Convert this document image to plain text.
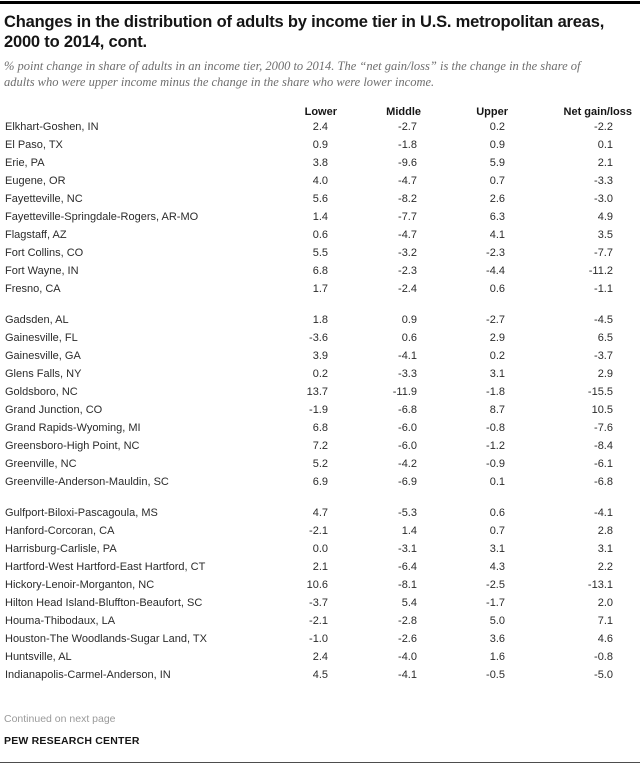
Changes in the distribution of adults by income tier in U.S. metropolitan areas, 2000 to 2014, cont.

% point change in share of adults in an income tier, 2000 to 2014. The “net gain/loss” is the change in the share of adults who were upper income minus the change in the share who were lower income.

	Lower	Middle	Upper	Net gain/loss
Elkhart-Goshen, IN	2.4	-2.7	0.2	-2.2
El Paso, TX	0.9	-1.8	0.9	0.1
Erie, PA	3.8	-9.6	5.9	2.1
Eugene, OR	4.0	-4.7	0.7	-3.3
Fayetteville, NC	5.6	-8.2	2.6	-3.0
Fayetteville-Springdale-Rogers, AR-MO	1.4	-7.7	6.3	4.9
Flagstaff, AZ	0.6	-4.7	4.1	3.5
Fort Collins, CO	5.5	-3.2	-2.3	-7.7
Fort Wayne, IN	6.8	-2.3	-4.4	-11.2
Fresno, CA	1.7	-2.4	0.6	-1.1

Gadsden, AL	1.8	0.9	-2.7	-4.5
Gainesville, FL	-3.6	0.6	2.9	6.5
Gainesville, GA	3.9	-4.1	0.2	-3.7
Glens Falls, NY	0.2	-3.3	3.1	2.9
Goldsboro, NC	13.7	-11.9	-1.8	-15.5
Grand Junction, CO	-1.9	-6.8	8.7	10.5
Grand Rapids-Wyoming, MI	6.8	-6.0	-0.8	-7.6
Greensboro-High Point, NC	7.2	-6.0	-1.2	-8.4
Greenville, NC	5.2	-4.2	-0.9	-6.1
Greenville-Anderson-Mauldin, SC	6.9	-6.9	0.1	-6.8

Gulfport-Biloxi-Pascagoula, MS	4.7	-5.3	0.6	-4.1
Hanford-Corcoran, CA	-2.1	1.4	0.7	2.8
Harrisburg-Carlisle, PA	0.0	-3.1	3.1	3.1
Hartford-West Hartford-East Hartford, CT	2.1	-6.4	4.3	2.2
Hickory-Lenoir-Morganton, NC	10.6	-8.1	-2.5	-13.1
Hilton Head Island-Bluffton-Beaufort, SC	-3.7	5.4	-1.7	2.0
Houma-Thibodaux, LA	-2.1	-2.8	5.0	7.1
Houston-The Woodlands-Sugar Land, TX	-1.0	-2.6	3.6	4.6
Huntsville, AL	2.4	-4.0	1.6	-0.8
Indianapolis-Carmel-Anderson, IN	4.5	-4.1	-0.5	-5.0

Continued on next page

PEW RESEARCH CENTER
